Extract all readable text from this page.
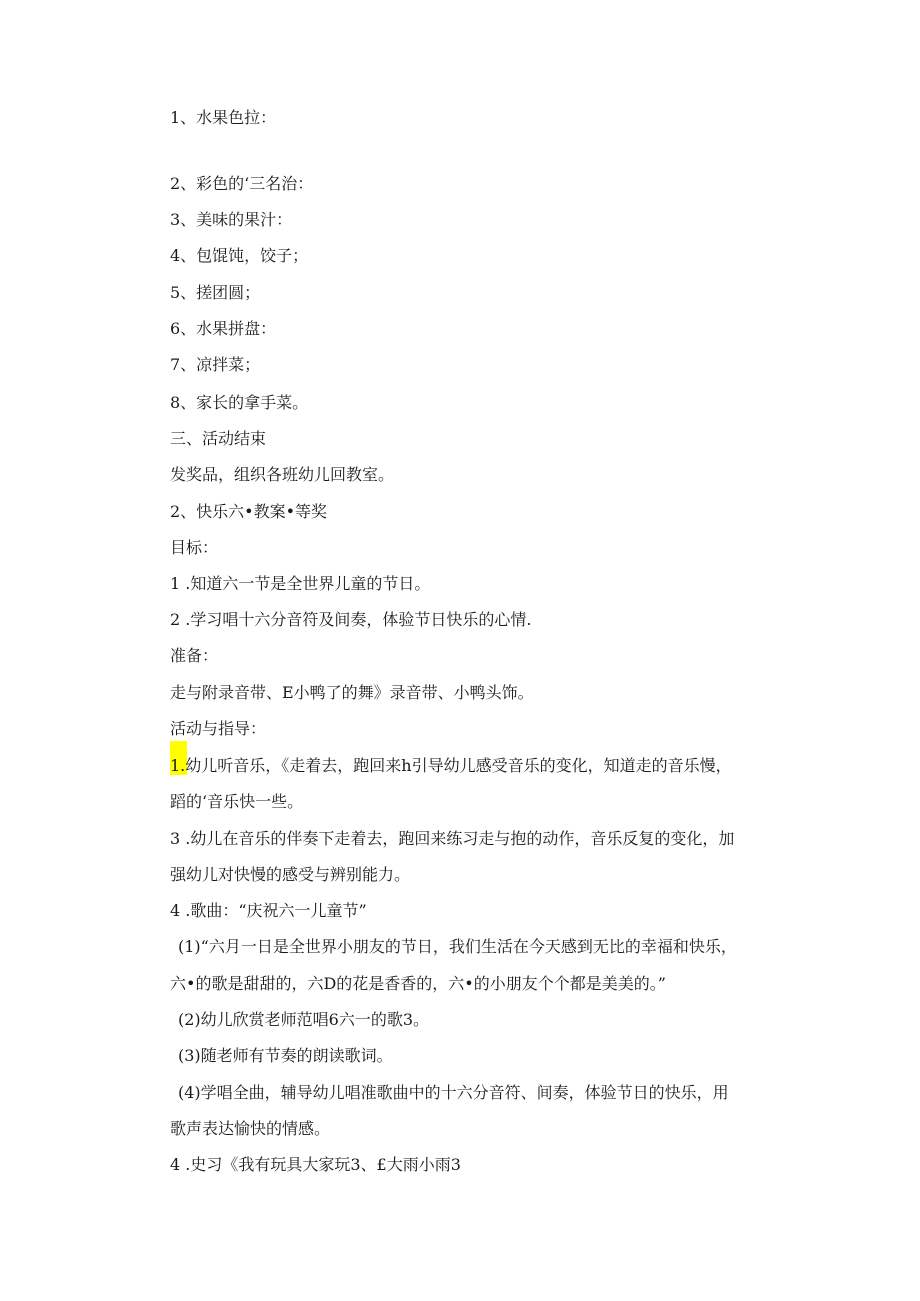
1、水果色拉：
2、彩色的‘三名治：
3、美味的果汁：
4、包馄饨，饺子；
5、搓团圆；
6、水果拼盘：
7、凉拌菜；
8、家长的拿手菜。
三、活动结束
发奖品，组织各班幼儿回教室。
2、快乐六•教案•等奖
目标：
1 .知道六一节是全世界儿童的节日。
2 .学习唱十六分音符及间奏，体验节日快乐的心情.
准备：
走与附录音带、E小鸭了的舞》录音带、小鸭头饰。
活动与指导：
1.幼儿听音乐，《走着去，跑回来h引导幼儿感受音乐的变化，知道走的音乐慢，
蹈的‘音乐快一些。
3 .幼儿在音乐的伴奏下走着去，跑回来练习走与抱的动作，音乐反复的变化，加
强幼儿对快慢的感受与辨别能力。
4 .歌曲：“庆祝六一儿童节”
(1)“六月一日是全世界小朋友的节日，我们生活在今天感到无比的幸福和快乐，
六•的歌是甜甜的，六D的花是香香的，六•的小朋友个个都是美美的。”
(2)幼儿欣赏老师范唱6六一的歌3。
(3)随老师有节奏的朗读歌词。
(4)学唱全曲，辅导幼儿唱准歌曲中的十六分音符、间奏，体验节日的快乐，用
歌声表达愉快的情感。
4 .史习《我有玩具大家玩3、£大雨小雨3
